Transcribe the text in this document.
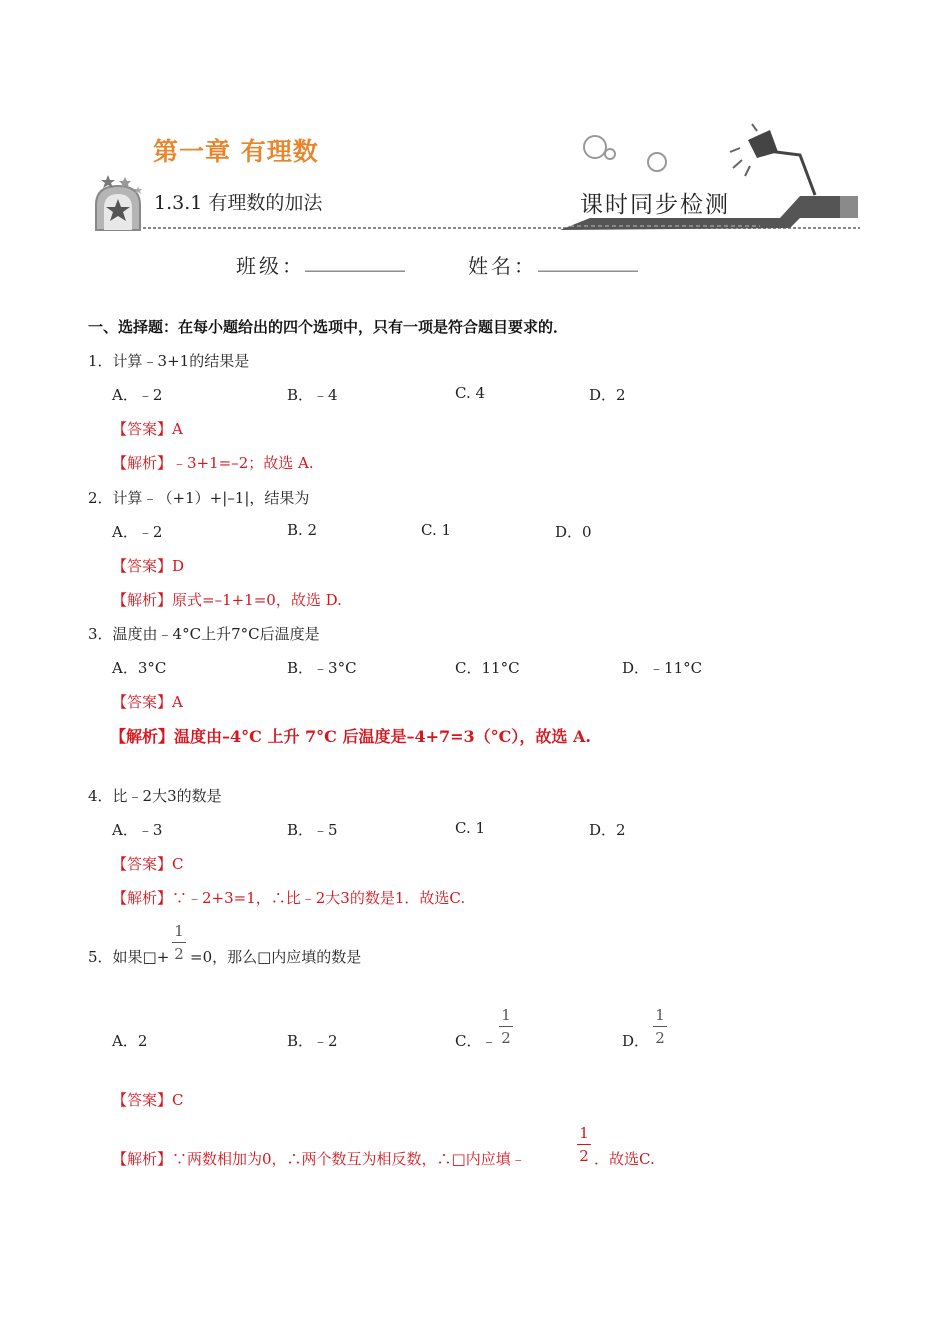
第一章 有理数
1.3.1 有理数的加法	课时同步检测
班级： __________	姓名： __________
一、选择题：在每小题给出的四个选项中，只有一项是符合题目要求的．
1．计算﹣3+1的结果是
A．﹣2	B．﹣4	C. 4	D．2
【答案】A
【解析】﹣3+1=–2；故选 A.
2．计算﹣（+1）+|–1|，结果为
A．﹣2	B. 2	C. 1	D．0
【答案】D
【解析】原式=–1+1=0，故选 D.
3．温度由﹣4°C上升7°C后温度是
A．3°C	B．﹣3°C	C．11°C	D．﹣11°C
【答案】A
【解析】温度由–4°C 上升 7°C 后温度是–4+7=3（°C），故选 A.
4．比﹣2大3的数是
A．﹣3	B．﹣5	C. 1	D．2
【答案】C
【解析】∵﹣2+3=1，∴比﹣2大3的数是1．故选C.
5．如果□+
1
2 =0，那么□内应填的数是
A．2	B．﹣2	C．﹣
1
2	D．
1
2
【答案】C
【解析】∵两数相加为0，∴两个数互为相反数，∴□内应填﹣
1
2 ．故选C.
